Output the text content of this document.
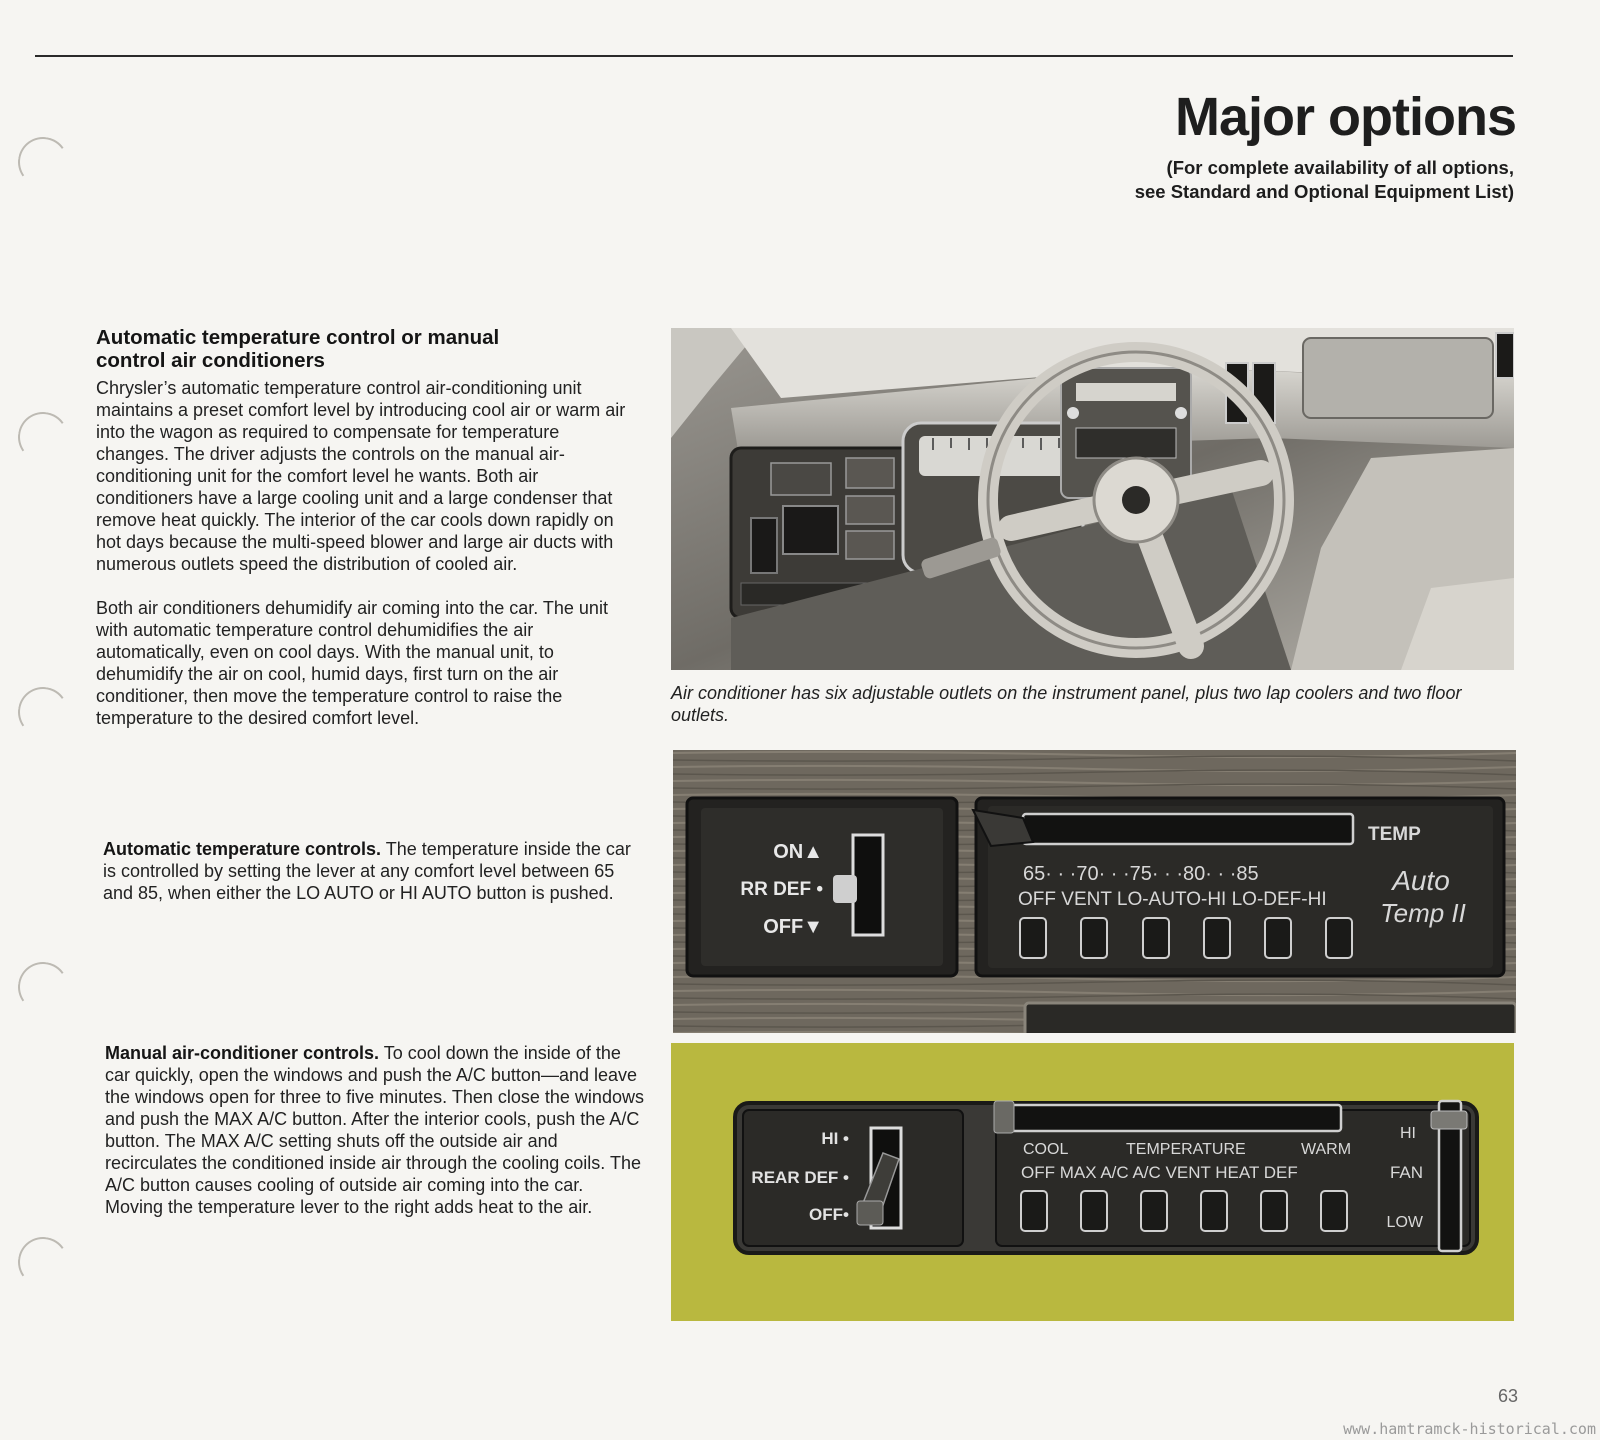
Major options
(For complete availability of all options,
see Standard and Optional Equipment List)
Automatic temperature control or manual
control air conditioners

Chrysler’s automatic temperature control air-conditioning unit maintains a preset comfort level by introducing cool air or warm air into the wagon as required to compensate for temperature changes. The driver adjusts the controls on the manual air-conditioning unit for the comfort level he wants. Both air conditioners have a large cooling unit and a large condenser that remove heat quickly. The interior of the car cools down rapidly on hot days because the multi-speed blower and large air ducts with numerous outlets speed the distribution of cooled air.

Both air conditioners dehumidify air coming into the car. The unit with automatic temperature control dehumidifies the air automatically, even on cool days. With the manual unit, to dehumidify the air on cool, humid days, first turn on the air conditioner, then move the temperature control to raise the temperature to the desired comfort level.

Automatic temperature controls. The temperature inside the car is controlled by setting the lever at any comfort level between 65 and 85, when either the LO AUTO or HI AUTO button is pushed.

Manual air-conditioner controls. To cool down the inside of the car quickly, open the windows and push the A/C button—and leave the windows open for three to five minutes. Then close the windows and push the MAX A/C button. After the interior cools, push the A/C button. The MAX A/C setting shuts off the outside air and recirculates the conditioned inside air through the cooling coils. The A/C button causes cooling of outside air coming into the car. Moving the temperature lever to the right adds heat to the air.

Air conditioner has six adjustable outlets on the instrument panel, plus two lap coolers and two floor outlets.

ON▲
RR DEF •
OFF▼
TEMP
65· · ·70· · ·75· · ·80· · ·85
OFF VENT LO-AUTO-HI LO-DEF-HI
Auto
Temp II
HI •
REAR DEF •
OFF•
COOL	TEMPERATURE	WARM
OFF MAX A/C A/C VENT HEAT DEF
HI
FAN
LOW

63

www.hamtramck-historical.com
